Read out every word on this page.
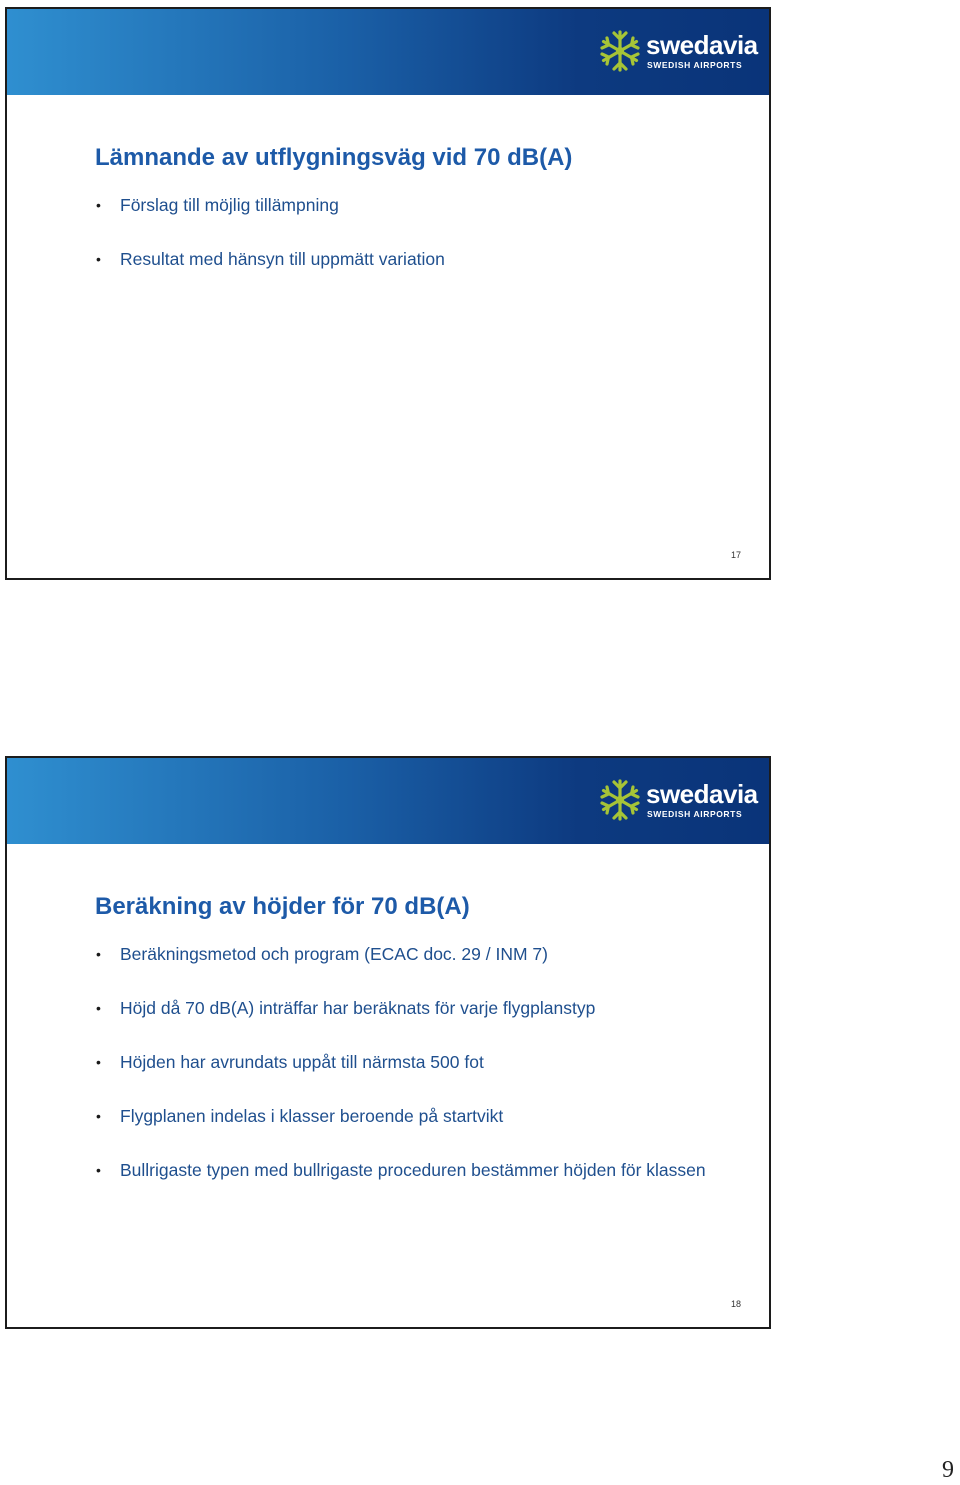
swedavia
SWEDISH AIRPORTS
Lämnande av utflygningsväg vid 70 dB(A)
• Förslag till möjlig tillämpning
• Resultat med hänsyn till uppmätt variation
17
swedavia
SWEDISH AIRPORTS
Beräkning av höjder för 70 dB(A)
• Beräkningsmetod och program (ECAC doc. 29 / INM 7)
• Höjd då 70 dB(A) inträffar har beräknats för varje flygplanstyp
• Höjden har avrundats uppåt till närmsta 500 fot
• Flygplanen indelas i klasser beroende på startvikt
• Bullrigaste typen med bullrigaste proceduren bestämmer höjden för klassen
18
9
